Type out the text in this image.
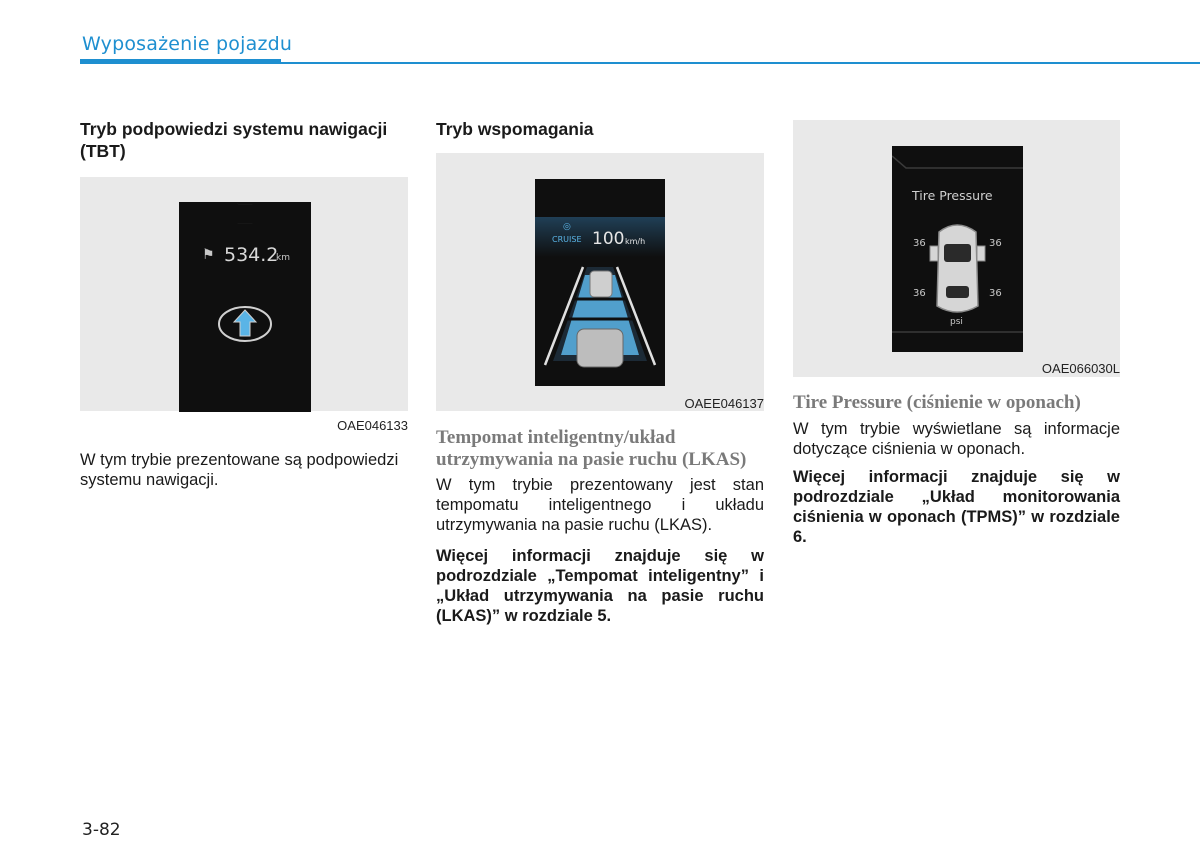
Wyposażenie pojazdu
Tryb podpowiedzi systemu nawigacji (TBT)
⚑ 534.2
km
OAE046133

W tym trybie prezentowane są podpowiedzi systemu nawigacji.

Tryb wspomagania
◎
CRUISE 100 km/h
OAEE046137
Tempomat inteligentny/układ utrzymywania na pasie ruchu (LKAS)

W tym trybie prezentowany jest stan tempomatu inteligentnego i układu utrzymywania na pasie ruchu (LKAS).

Więcej informacji znajduje się w podrozdziale „Tempomat inteligentny” i „Układ utrzymywania na pasie ruchu (LKAS)” w rozdziale 5.

Tire Pressure
36	36
36	36
psi
OAE066030L
Tire Pressure (ciśnienie w oponach)

W tym trybie wyświetlane są informacje dotyczące ciśnienia w oponach.

Więcej informacji znajduje się w podrozdziale „Układ monitorowania ciśnienia w oponach (TPMS)” w rozdziale 6.

3-82
